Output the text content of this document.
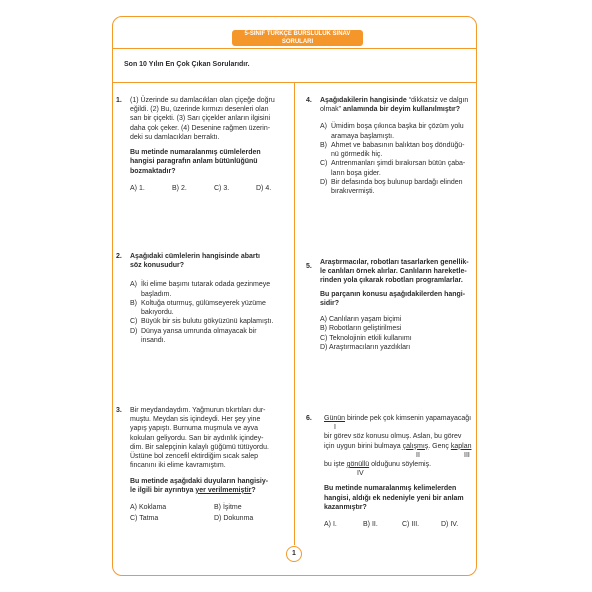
5-SINIF TÜRKÇE BURSLULUK SINAV
SORULARI
Son 10 Yılın En Çok Çıkan Sorularıdır.
1. (1) Üzerinde su damlacıkları olan çiçeğe doğru

eğildi. (2) Bu, üzerinde kırmızı desenleri olan

sarı bir çiçekti. (3) Sarı çiçekler anların ilgisini

daha çok çeker. (4) Desenine rağmen üzerin-

deki su damlacıkları berraktı.

Bu metinde numaralanmış cümlelerden

hangisi paragrafın anlam bütünlüğünü

bozmaktadır?

A) 1.	B) 2.	C) 3.	D) 4.
2. Aşağıdaki cümlelerin hangisinde abartı

söz konusudur?

A) İki elime başımı tutarak odada gezinmeye
başladım.
B) Koltuğa oturmuş, gülümseyerek yüzüme
bakıyordu.
C) Büyük bir sis bulutu gökyüzünü kaplamıştı.
D) Dünya yansa umrunda olmayacak bir
insandı.
3. Bir meydandaydım. Yağmurun tıkırtıları dur-

muştu. Meydan sis içindeydi. Her şey yine

yapış yapıştı. Burnuma muşmula ve ayva

kokuları geliyordu. Sarı bir aydınlık içindey-

dim. Bir salepçinin kalaylı güğümü tütüyordu.

Üstüne bol zencefil ektirdiğim sıcak salep

fincanını iki elime kavramıştım.

Bu metinde aşağıdaki duyuların hangisiy-

le ilgili bir ayrıntıya yer verilmemiştir?

A) Koklama	B) İşitme
C) Tatma	D) Dokunma
4. Aşağıdakilerin hangisinde “dikkatsiz ve dalgın

olmak” anlamında bir deyim kullanılmıştır?

A) Ümidim boşa çıkınca başka bir çözüm yolu
aramaya başlamıştı.
B) Ahmet ve babasının balıktan boş döndüğü-
nü görmedik hiç.
C) Antrenmanları şimdi bırakırsan bütün çaba-
ların boşa gider.
D) Bir defasında boş bulunup bardağı elinden
bırakıvermişti.
5.

Araştırmacılar, robotları tasarlarken genellik-

le canlıları örnek alırlar. Canlıların hareketle-

rinden yola çıkarak robotları programlarlar.

Bu parçanın konusu aşağıdakilerden hangi-

sidir?

A) Canlıların yaşam biçimi

B) Robotların geliştirilmesi

C) Teknolojinin etkili kullanımı

D) Araştırmacıların yazdıkları

6. Günün birinde pek çok kimsenin yapamayacağı

I

bir görev söz konusu olmuş. Aslan, bu görev

için uygun birini bulmaya çalışmış. Genç kaplan

II	III

bu işte gönüllü olduğunu söylemiş.

IV

Bu metinde numaralanmış kelimelerden

hangisi, aldığı ek nedeniyle yeni bir anlam

kazanmıştır?

A) I.	B) II.	C) III.	D) IV.
1
